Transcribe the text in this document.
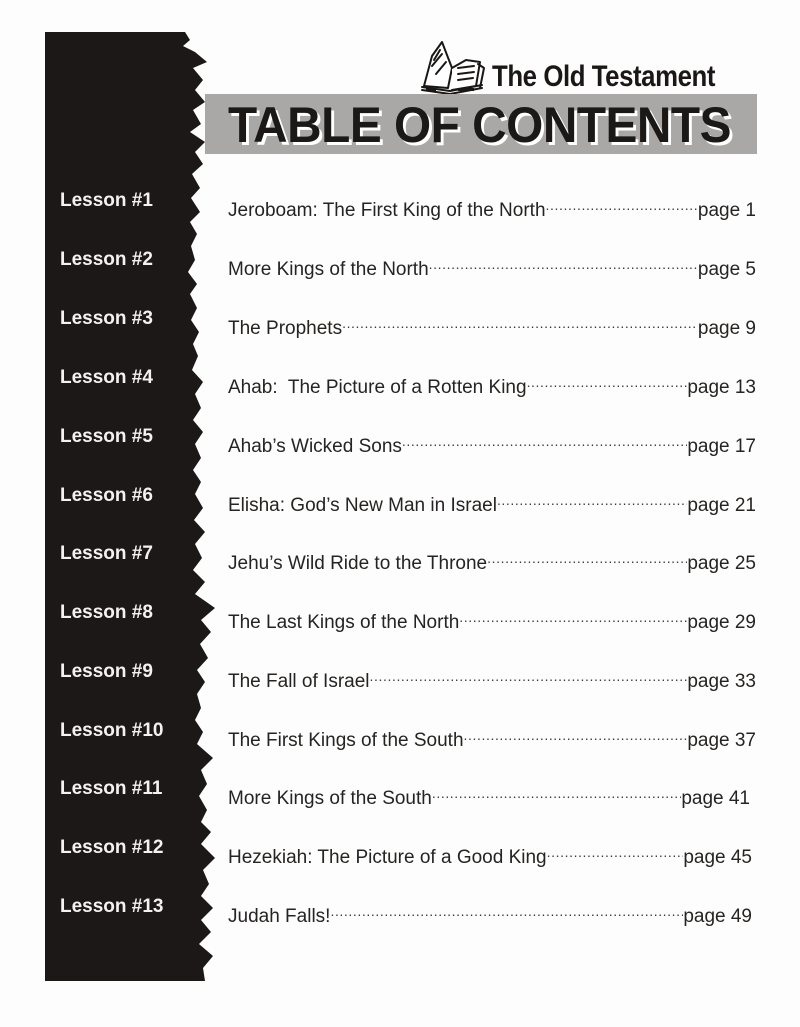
The Old Testament
TABLE OF CONTENTS
Lesson #1	Jeroboam: The First King of the North .....	page 1
Lesson #2	More Kings of the North .....	page 5
Lesson #3	The Prophets .....	page 9
Lesson #4	Ahab:  The Picture of a Rotten King .....	page 13
Lesson #5	Ahab’s Wicked Sons .....	page 17
Lesson #6	Elisha: God’s New Man in Israel .....	page 21
Lesson #7	Jehu’s Wild Ride to the Throne .....	page 25
Lesson #8	The Last Kings of the North .....	page 29
Lesson #9	The Fall of Israel .....	page 33
Lesson #10	The First Kings of the South .....	page 37
Lesson #11	More Kings of the South .....	page 41
Lesson #12	Hezekiah: The Picture of a Good King .....	page 45
Lesson #13	Judah Falls! .....	page 49
